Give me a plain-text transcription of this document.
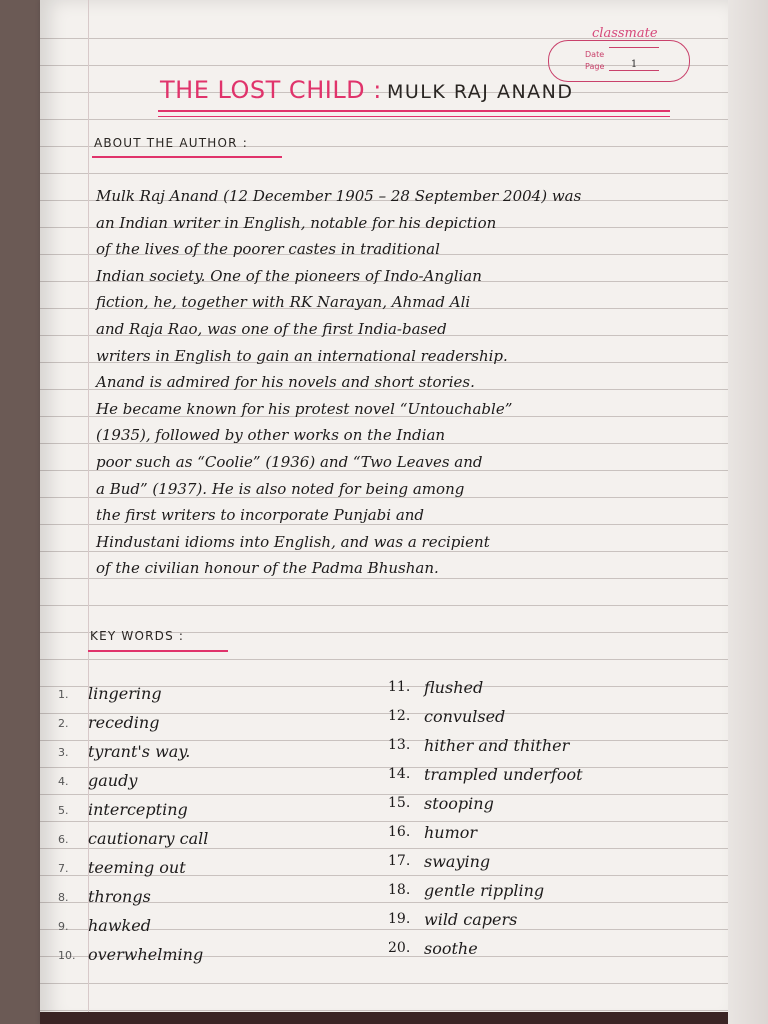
classmate
Date
Page	1
THE LOST CHILD : MULK RAJ ANAND
ABOUT THE AUTHOR :
Mulk Raj Anand (12 December 1905 – 28 September 2004) was
an Indian writer in English, notable for his depiction
of the lives of the poorer castes in traditional
Indian society. One of the pioneers of Indo-Anglian
fiction, he, together with RK Narayan, Ahmad Ali
and Raja Rao, was one of the first India-based
writers in English to gain an international readership.
Anand is admired for his novels and short stories.
He became known for his protest novel “Untouchable”
(1935), followed by other works on the Indian
poor such as “Coolie” (1936) and “Two Leaves and
a Bud” (1937). He is also noted for being among
the first writers to incorporate Punjabi and
Hindustani idioms into English, and was a recipient
of the civilian honour of the Padma Bhushan.
KEY WORDS :
1. lingering
2. receding
3. tyrant's way.
4. gaudy
5. intercepting
6. cautionary call
7. teeming out
8. throngs
9. hawked
10. overwhelming
11. flushed
12. convulsed
13. hither and thither
14. trampled underfoot
15. stooping
16. humor
17. swaying
18. gentle rippling
19. wild capers
20. soothe
